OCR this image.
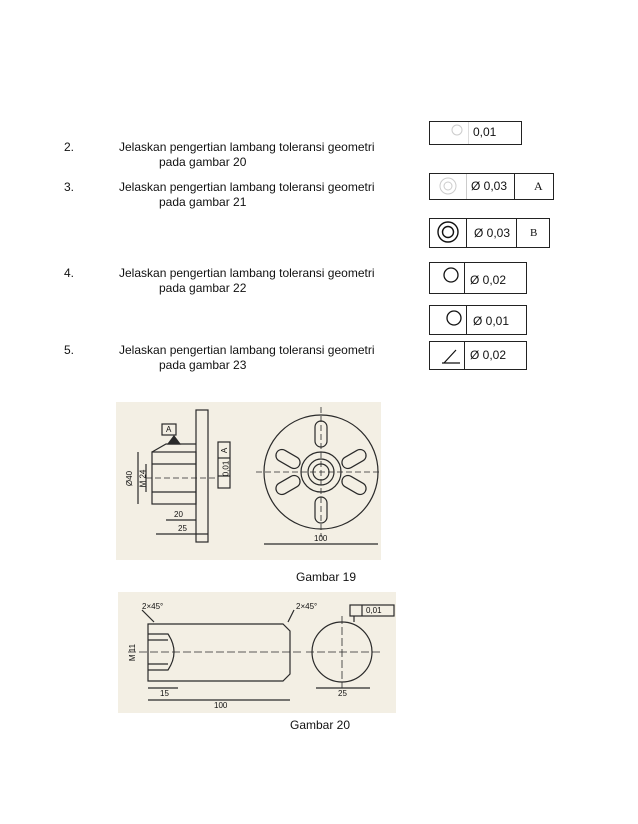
2.	Jelaskan pengertian lambang toleransi geometri
pada gambar 20
3.	Jelaskan pengertian lambang toleransi geometri
pada gambar 21
4.	Jelaskan pengertian lambang toleransi geometri
pada gambar 22
5.	Jelaskan pengertian lambang toleransi geometri
pada gambar 23
0,01
Ø 0,03 A
Ø 0,03 B
Ø 0,02
Ø 0,01
Ø 0,02
A
0,01
A
Ø40 M 24
20
25
100
Gambar 19
2×45°	2×45°	0,01
M 11
15
100
25
Gambar 20
